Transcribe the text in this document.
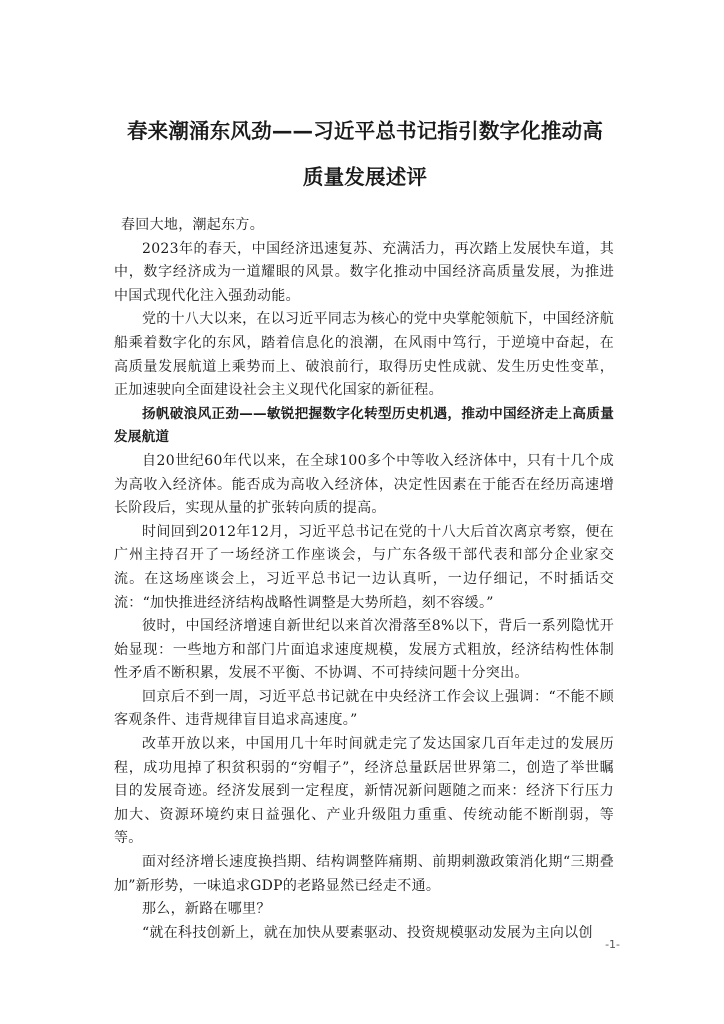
春来潮涌东风劲——习近平总书记指引数字化推动高
质量发展述评

春回大地，潮起东方。

2023年的春天，中国经济迅速复苏、充满活力，再次踏上发展快车道，其中，数字经济成为一道耀眼的风景。数字化推动中国经济高质量发展，为推进中国式现代化注入强劲动能。

党的十八大以来，在以习近平同志为核心的党中央掌舵领航下，中国经济航船乘着数字化的东风，踏着信息化的浪潮，在风雨中笃行，于逆境中奋起，在高质量发展航道上乘势而上、破浪前行，取得历史性成就、发生历史性变革，正加速驶向全面建设社会主义现代化国家的新征程。

扬帆破浪风正劲——敏锐把握数字化转型历史机遇，推动中国经济走上高质量发展航道

自20世纪60年代以来，在全球100多个中等收入经济体中，只有十几个成为高收入经济体。能否成为高收入经济体，决定性因素在于能否在经历高速增长阶段后，实现从量的扩张转向质的提高。

时间回到2012年12月，习近平总书记在党的十八大后首次离京考察，便在广州主持召开了一场经济工作座谈会，与广东各级干部代表和部分企业家交流。在这场座谈会上，习近平总书记一边认真听，一边仔细记，不时插话交流：“加快推进经济结构战略性调整是大势所趋，刻不容缓。”

彼时，中国经济增速自新世纪以来首次滑落至8%以下，背后一系列隐忧开始显现：一些地方和部门片面追求速度规模，发展方式粗放，经济结构性体制性矛盾不断积累，发展不平衡、不协调、不可持续问题十分突出。

回京后不到一周，习近平总书记就在中央经济工作会议上强调：“不能不顾客观条件、违背规律盲目追求高速度。”

改革开放以来，中国用几十年时间就走完了发达国家几百年走过的发展历程，成功甩掉了积贫积弱的“穷帽子”，经济总量跃居世界第二，创造了举世瞩目的发展奇迹。经济发展到一定程度，新情况新问题随之而来：经济下行压力加大、资源环境约束日益强化、产业升级阻力重重、传统动能不断削弱，等等。

面对经济增长速度换挡期、结构调整阵痛期、前期刺激政策消化期“三期叠加”新形势，一味追求GDP的老路显然已经走不通。

那么，新路在哪里？

“就在科技创新上，就在加快从要素驱动、投资规模驱动发展为主向以创

-1-
